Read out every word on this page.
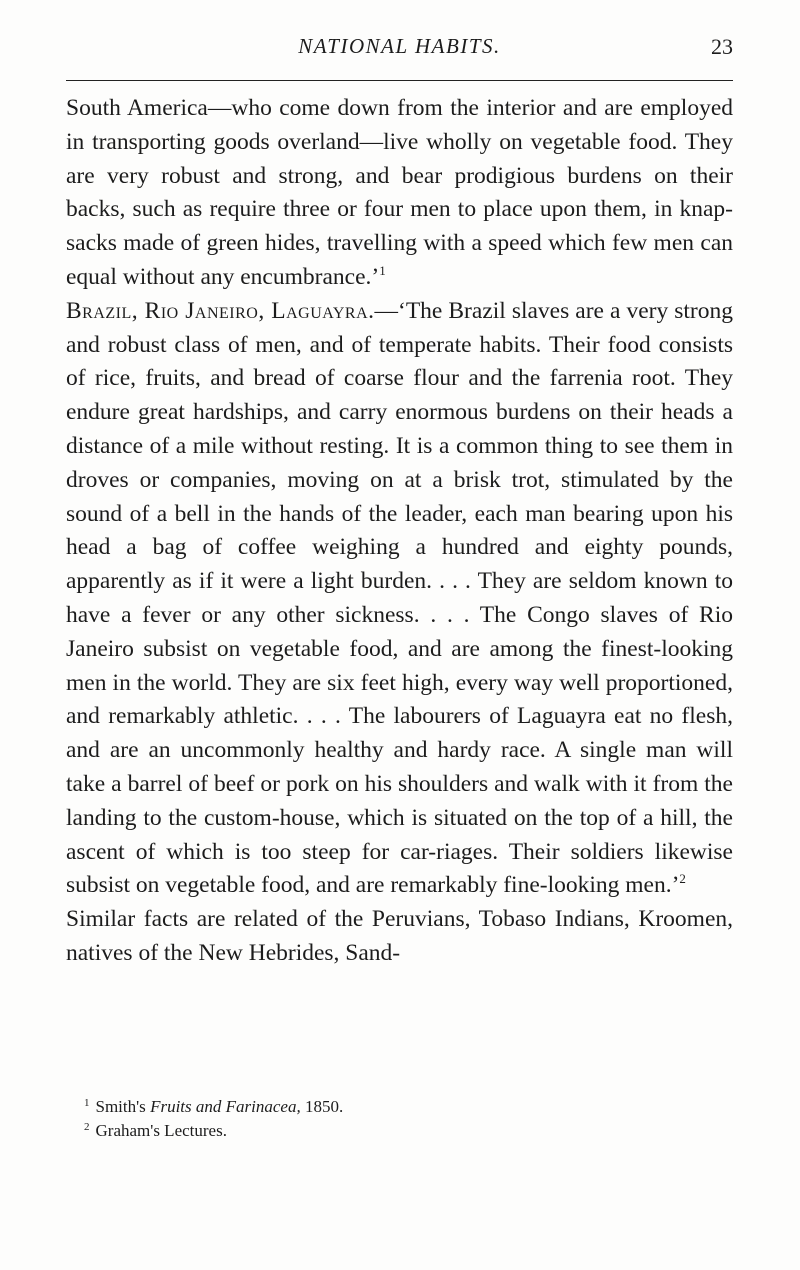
NATIONAL HABITS.	23

South America—who come down from the interior and are employed in transporting goods overland—live wholly on vegetable food. They are very robust and strong, and bear prodigious burdens on their backs, such as require three or four men to place upon them, in knap-sacks made of green hides, travelling with a speed which few men can equal without any encumbrance.’$^1$

Brazil, Rio Janeiro, Laguayra.—‘The Brazil slaves are a very strong and robust class of men, and of temperate habits. Their food consists of rice, fruits, and bread of coarse flour and the farrenia root. They endure great hardships, and carry enormous burdens on their heads a distance of a mile without resting. It is a common thing to see them in droves or companies, moving on at a brisk trot, stimulated by the sound of a bell in the hands of the leader, each man bearing upon his head a bag of coffee weighing a hundred and eighty pounds, apparently as if it were a light burden. . . . They are seldom known to have a fever or any other sickness. . . . The Congo slaves of Rio Janeiro subsist on vegetable food, and are among the finest-looking men in the world. They are six feet high, every way well proportioned, and remarkably athletic. . . . The labourers of Laguayra eat no flesh, and are an uncommonly healthy and hardy race. A single man will take a barrel of beef or pork on his shoulders and walk with it from the landing to the custom-house, which is situated on the top of a hill, the ascent of which is too steep for car-riages. Their soldiers likewise subsist on vegetable food, and are remarkably fine-looking men.’$^2$

Similar facts are related of the Peruvians, Tobaso Indians, Kroomen, natives of the New Hebrides, Sand-

$^1$ Smith's Fruits and Farinacea, 1850.
$^2$ Graham's Lectures.
